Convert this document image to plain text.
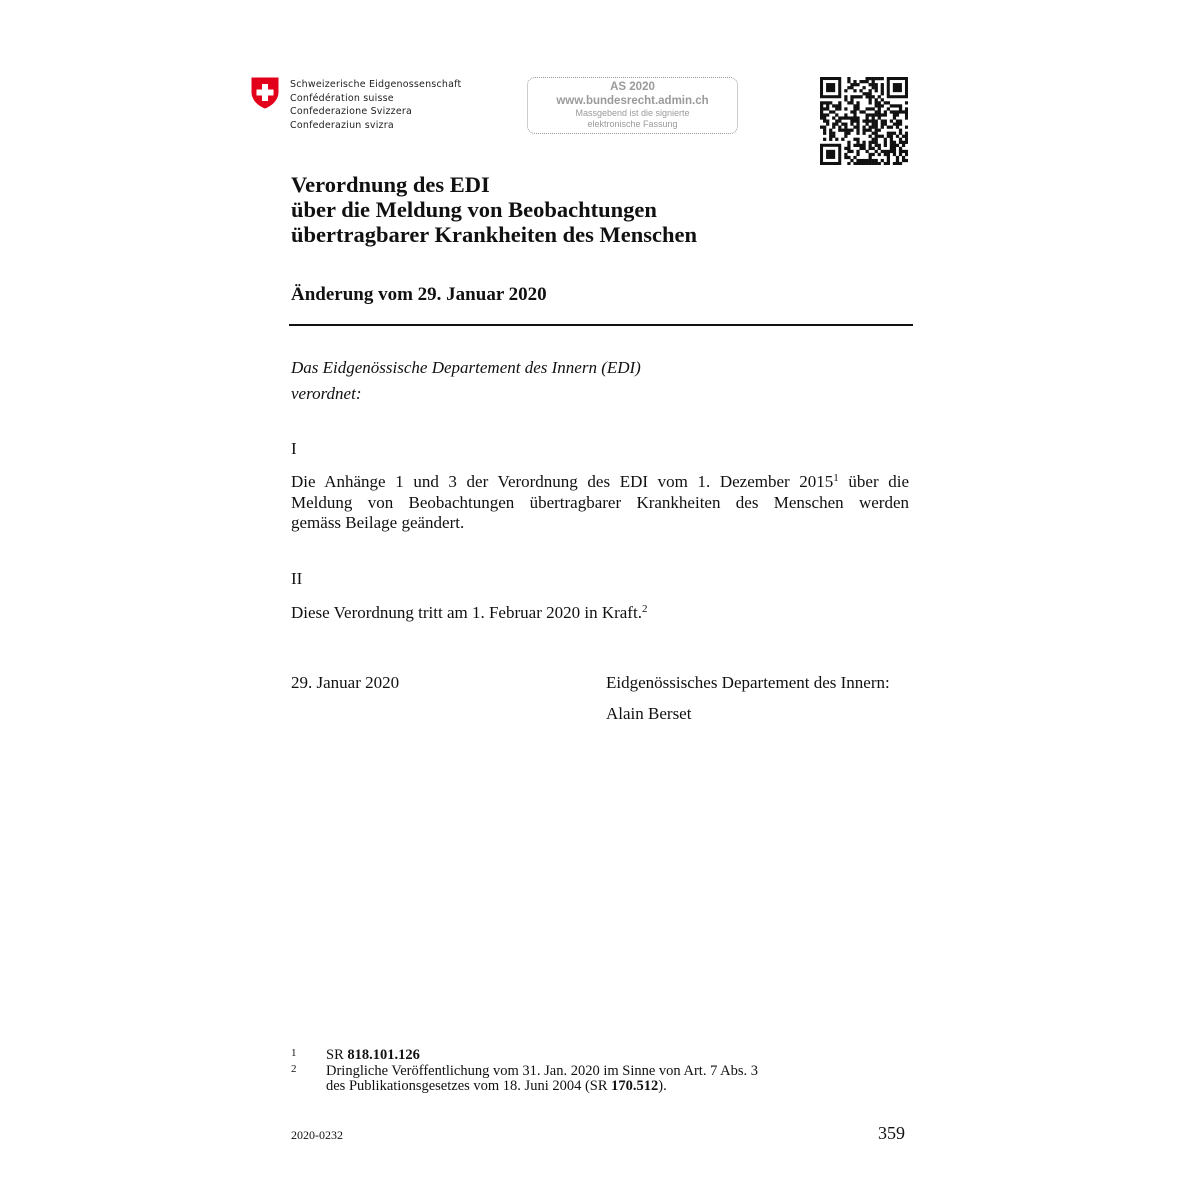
Schweizerische Eidgenossenschaft
Confédération suisse
Confederazione Svizzera
Confederaziun svizra
AS 2020
www.bundesrecht.admin.ch
Massgebend ist die signierte
elektronische Fassung
Verordnung des EDI
über die Meldung von Beobachtungen
übertragbarer Krankheiten des Menschen
Änderung vom 29. Januar 2020
Das Eidgenössische Departement des Innern (EDI)
verordnet:
I
Die Anhänge 1 und 3 der Verordnung des EDI vom 1. Dezember 2015$^1$ über die
Meldung von Beobachtungen übertragbarer Krankheiten des Menschen werden
gemäss Beilage geändert.
II
Diese Verordnung tritt am 1. Februar 2020 in Kraft.$^2$
29. Januar 2020	Eidgenössisches Departement des Innern:
Alain Berset
1 SR 818.101.126
2 Dringliche Veröffentlichung vom 31. Jan. 2020 im Sinne von Art. 7 Abs. 3
des Publikationsgesetzes vom 18. Juni 2004 (SR 170.512).
2020-0232	359
